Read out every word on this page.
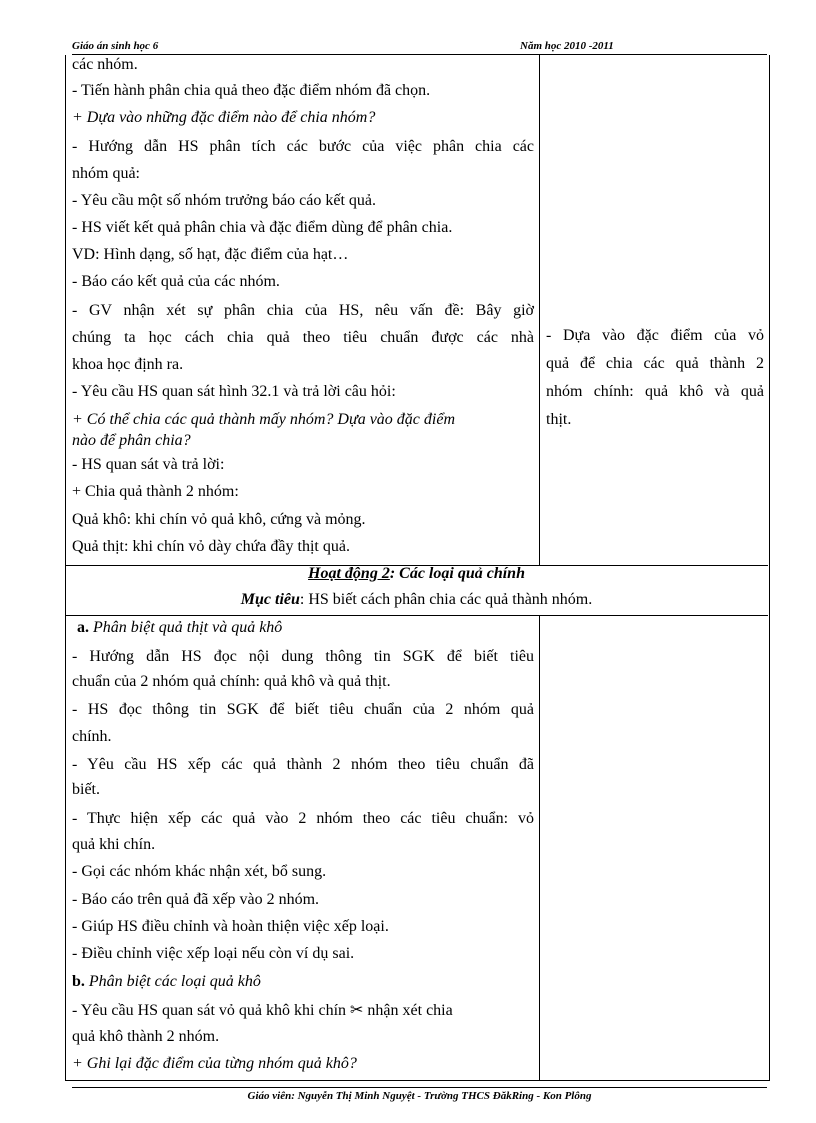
Giáo án sinh học 6	Năm học 2010 -2011
các nhóm.
- Tiến hành phân chia quả theo đặc điểm nhóm đã chọn.
+ Dựa vào những đặc điểm nào để chia nhóm?
- Hướng dẫn HS phân tích các bước của việc phân chia các
nhóm quả:
- Yêu cầu một số nhóm trưởng báo cáo kết quả.
- HS viết kết quả phân chia và đặc điểm dùng để phân chia.
VD: Hình dạng, số hạt, đặc điểm của hạt…
- Báo cáo kết quả của các nhóm.
- GV nhận xét sự phân chia của HS, nêu vấn đề: Bây giờ
chúng ta học cách chia quả theo tiêu chuẩn được các nhà
khoa học định ra.
- Yêu cầu HS quan sát hình 32.1 và trả lời câu hỏi:
+ Có thể chia các quả thành mấy nhóm? Dựa vào đặc điểm
nào để phân chia?
- HS quan sát và trả lời:
+ Chia quả thành 2 nhóm:
Quả khô: khi chín vỏ quả khô, cứng và mỏng.
Quả thịt: khi chín vỏ dày chứa đầy thịt quả.
- Dựa vào đặc điểm của vỏ
quả để chia các quả thành 2
nhóm chính: quả khô và quả
thịt.
Hoạt động 2: Các loại quả chính
Mục tiêu: HS biết cách phân chia các quả thành nhóm.
a. Phân biệt quả thịt và quả khô
- Hướng dẫn HS đọc nội dung thông tin SGK để biết tiêu
chuẩn của 2 nhóm quả chính: quả khô và quả thịt.
- HS đọc thông tin SGK để biết tiêu chuẩn của 2 nhóm quả
chính.
- Yêu cầu HS xếp các quả thành 2 nhóm theo tiêu chuẩn đã
biết.
- Thực hiện xếp các quả vào 2 nhóm theo các tiêu chuẩn: vỏ
quả khi chín.
- Gọi các nhóm khác nhận xét, bổ sung.
- Báo cáo trên quả đã xếp vào 2 nhóm.
- Giúp HS điều chỉnh và hoàn thiện việc xếp loại.
- Điều chỉnh việc xếp loại nếu còn ví dụ sai.
b. Phân biệt các loại quả khô
- Yêu cầu HS quan sát vỏ quả khô khi chín ✂ nhận xét chia
quả khô thành 2 nhóm.
+ Ghi lại đặc điểm của từng nhóm quả khô?
Giáo viên: Nguyễn Thị Minh Nguyệt - Trường THCS ĐăkRing - Kon Plông
